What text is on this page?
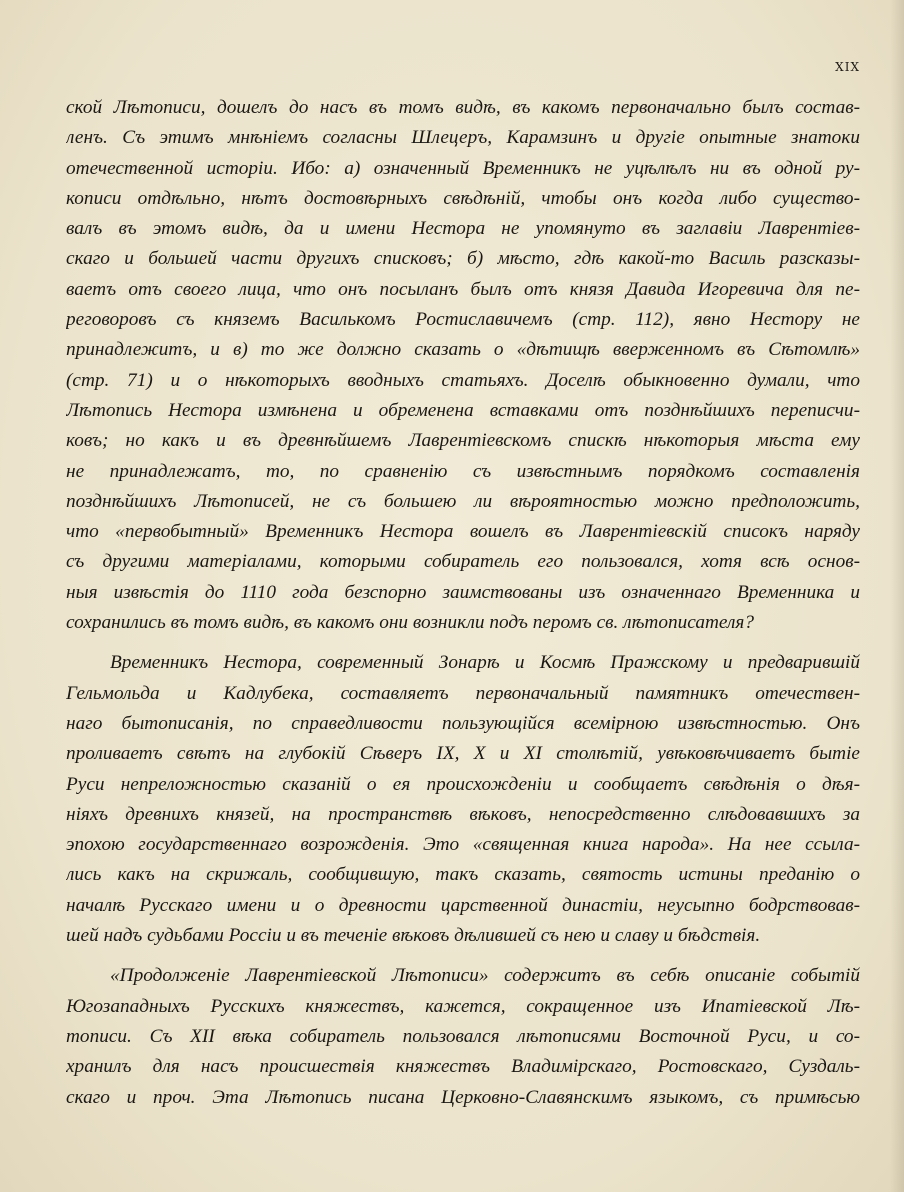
XIX
ской Лѣтописи, дошелъ до насъ въ томъ видѣ, въ какомъ первоначально былъ состав-
ленъ. Съ этимъ мнѣніемъ согласны Шлецеръ, Карамзинъ и другіе опытные знатоки
отечественной исторіи. Ибо: а) означенный Временникъ не уцѣлѣлъ ни въ одной ру-
кописи отдѣльно, нѣтъ достовѣрныхъ свѣдѣній, чтобы онъ когда либо существо-
валъ въ этомъ видѣ, да и имени Нестора не упомянуто въ заглавіи Лаврентіев-
скаго и большей части другихъ списковъ; б) мѣсто, гдѣ какой-то Василь разсказы-
ваетъ отъ своего лица, что онъ посыланъ былъ отъ князя Давида Игоревича для пе-
реговоровъ съ княземъ Василькомъ Ростиславичемъ (стр. 112), явно Нестору не
принадлежитъ, и в) то же должно сказать о «дѣтищѣ вверженномъ въ Сѣтомлѣ»
(стр. 71) и о нѣкоторыхъ вводныхъ статьяхъ. Доселѣ обыкновенно думали, что
Лѣтопись Нестора измѣнена и обременена вставками отъ позднѣйшихъ переписчи-
ковъ; но какъ и въ древнѣйшемъ Лаврентіевскомъ спискѣ нѣкоторыя мѣста ему
не принадлежатъ, то, по сравненію съ извѣстнымъ порядкомъ составленія
позднѣйшихъ Лѣтописей, не съ большею ли вѣроятностью можно предположить,
что «первобытный» Временникъ Нестора вошелъ въ Лаврентіевскій списокъ наряду
съ другими матеріалами, которыми собиратель его пользовался, хотя всѣ основ-
ныя извѣстія до 1110 года безспорно заимствованы изъ означеннаго Временника и
сохранились въ томъ видѣ, въ какомъ они возникли подъ перомъ св. лѣтописателя?
Временникъ Нестора, современный Зонарѣ и Космѣ Пражскому и предварившій
Гельмольда и Кадлубека, составляетъ первоначальный памятникъ отечествен-
наго бытописанія, по справедливости пользующійся всемірною извѣстностью. Онъ
проливаетъ свѣтъ на глубокій Сѣверъ IX, X и XI столѣтій, увѣковѣчиваетъ бытіе
Руси непреложностью сказаній о ея происхожденіи и сообщаетъ свѣдѣнія о дѣя-
ніяхъ древнихъ князей, на пространствѣ вѣковъ, непосредственно слѣдовавшихъ за
эпохою государственнаго возрожденія. Это «священная книга народа». На нее ссыла-
лись какъ на скрижаль, сообщившую, такъ сказать, святость истины преданію о
началѣ Русскаго имени и о древности царственной династіи, неусыпно бодрствовав-
шей надъ судьбами Россіи и въ теченіе вѣковъ дѣлившей съ нею и славу и бѣдствія.
«Продолженіе Лаврентіевской Лѣтописи» содержитъ въ себѣ описаніе событій
Югозападныхъ Русскихъ княжествъ, кажется, сокращенное изъ Ипатіевской Лѣ-
тописи. Съ XII вѣка собиратель пользовался лѣтописями Восточной Руси, и со-
хранилъ для насъ происшествія княжествъ Владимірскаго, Ростовскаго, Суздаль-
скаго и проч. Эта Лѣтопись писана Церковно-Славянскимъ языкомъ, съ примѣсью
